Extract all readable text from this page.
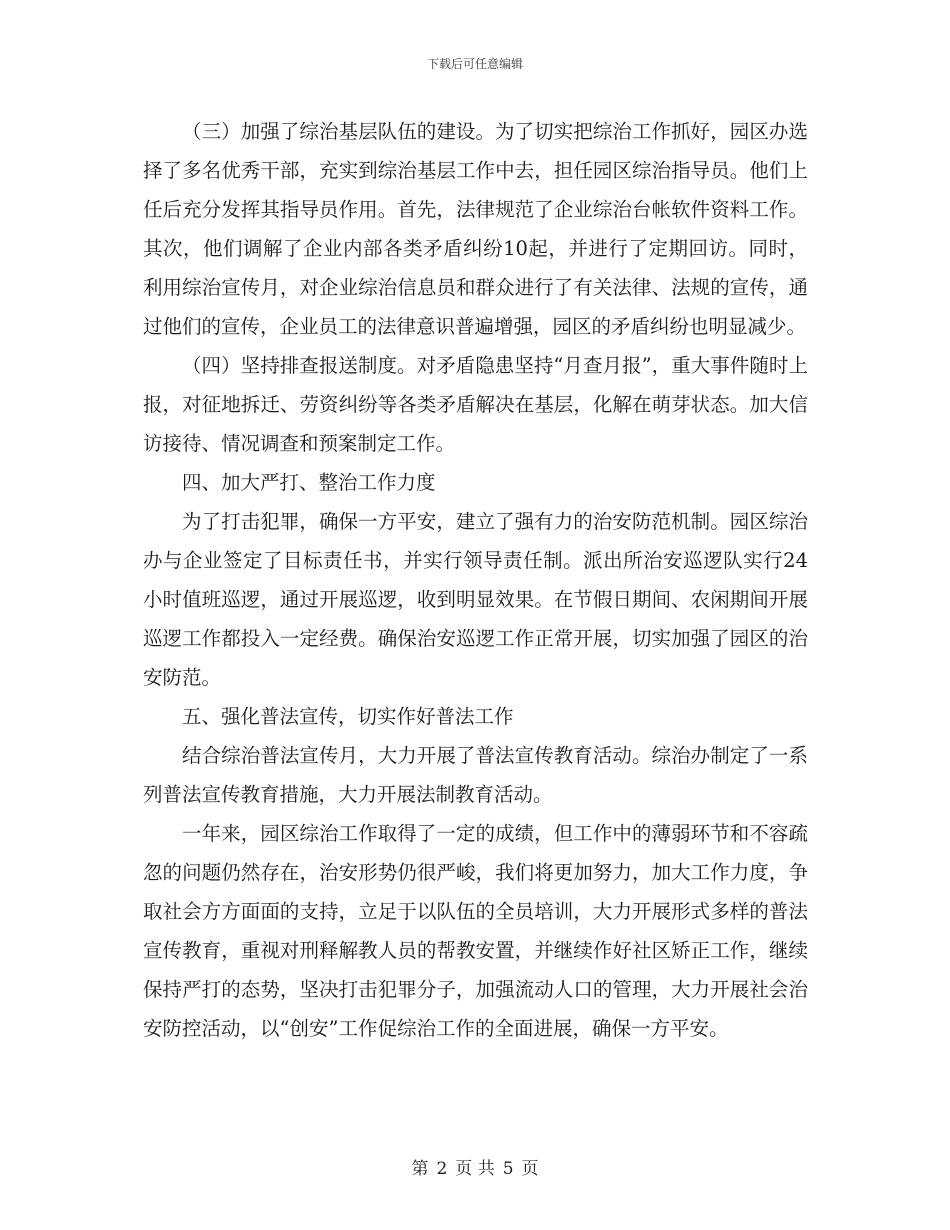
下载后可任意编辑

（三）加强了综治基层队伍的建设。为了切实把综治工作抓好，园区办选择了多名优秀干部，充实到综治基层工作中去，担任园区综治指导员。他们上任后充分发挥其指导员作用。首先，法律规范了企业综治台帐软件资料工作。其次，他们调解了企业内部各类矛盾纠纷10起，并进行了定期回访。同时，利用综治宣传月，对企业综治信息员和群众进行了有关法律、法规的宣传，通过他们的宣传，企业员工的法律意识普遍增强，园区的矛盾纠纷也明显减少。

（四）坚持排查报送制度。对矛盾隐患坚持“月查月报”，重大事件随时上报，对征地拆迁、劳资纠纷等各类矛盾解决在基层，化解在萌芽状态。加大信访接待、情况调查和预案制定工作。

四、加大严打、整治工作力度

为了打击犯罪，确保一方平安，建立了强有力的治安防范机制。园区综治办与企业签定了目标责任书，并实行领导责任制。派出所治安巡逻队实行24小时值班巡逻，通过开展巡逻，收到明显效果。在节假日期间、农闲期间开展巡逻工作都投入一定经费。确保治安巡逻工作正常开展，切实加强了园区的治安防范。

五、强化普法宣传，切实作好普法工作

结合综治普法宣传月，大力开展了普法宣传教育活动。综治办制定了一系列普法宣传教育措施，大力开展法制教育活动。

一年来，园区综治工作取得了一定的成绩，但工作中的薄弱环节和不容疏忽的问题仍然存在，治安形势仍很严峻，我们将更加努力，加大工作力度，争取社会方方面面的支持，立足于以队伍的全员培训，大力开展形式多样的普法宣传教育，重视对刑释解教人员的帮教安置，并继续作好社区矫正工作，继续保持严打的态势，坚决打击犯罪分子，加强流动人口的管理，大力开展社会治安防控活动，以“创安”工作促综治工作的全面进展，确保一方平安。

第 2 页 共 5 页
